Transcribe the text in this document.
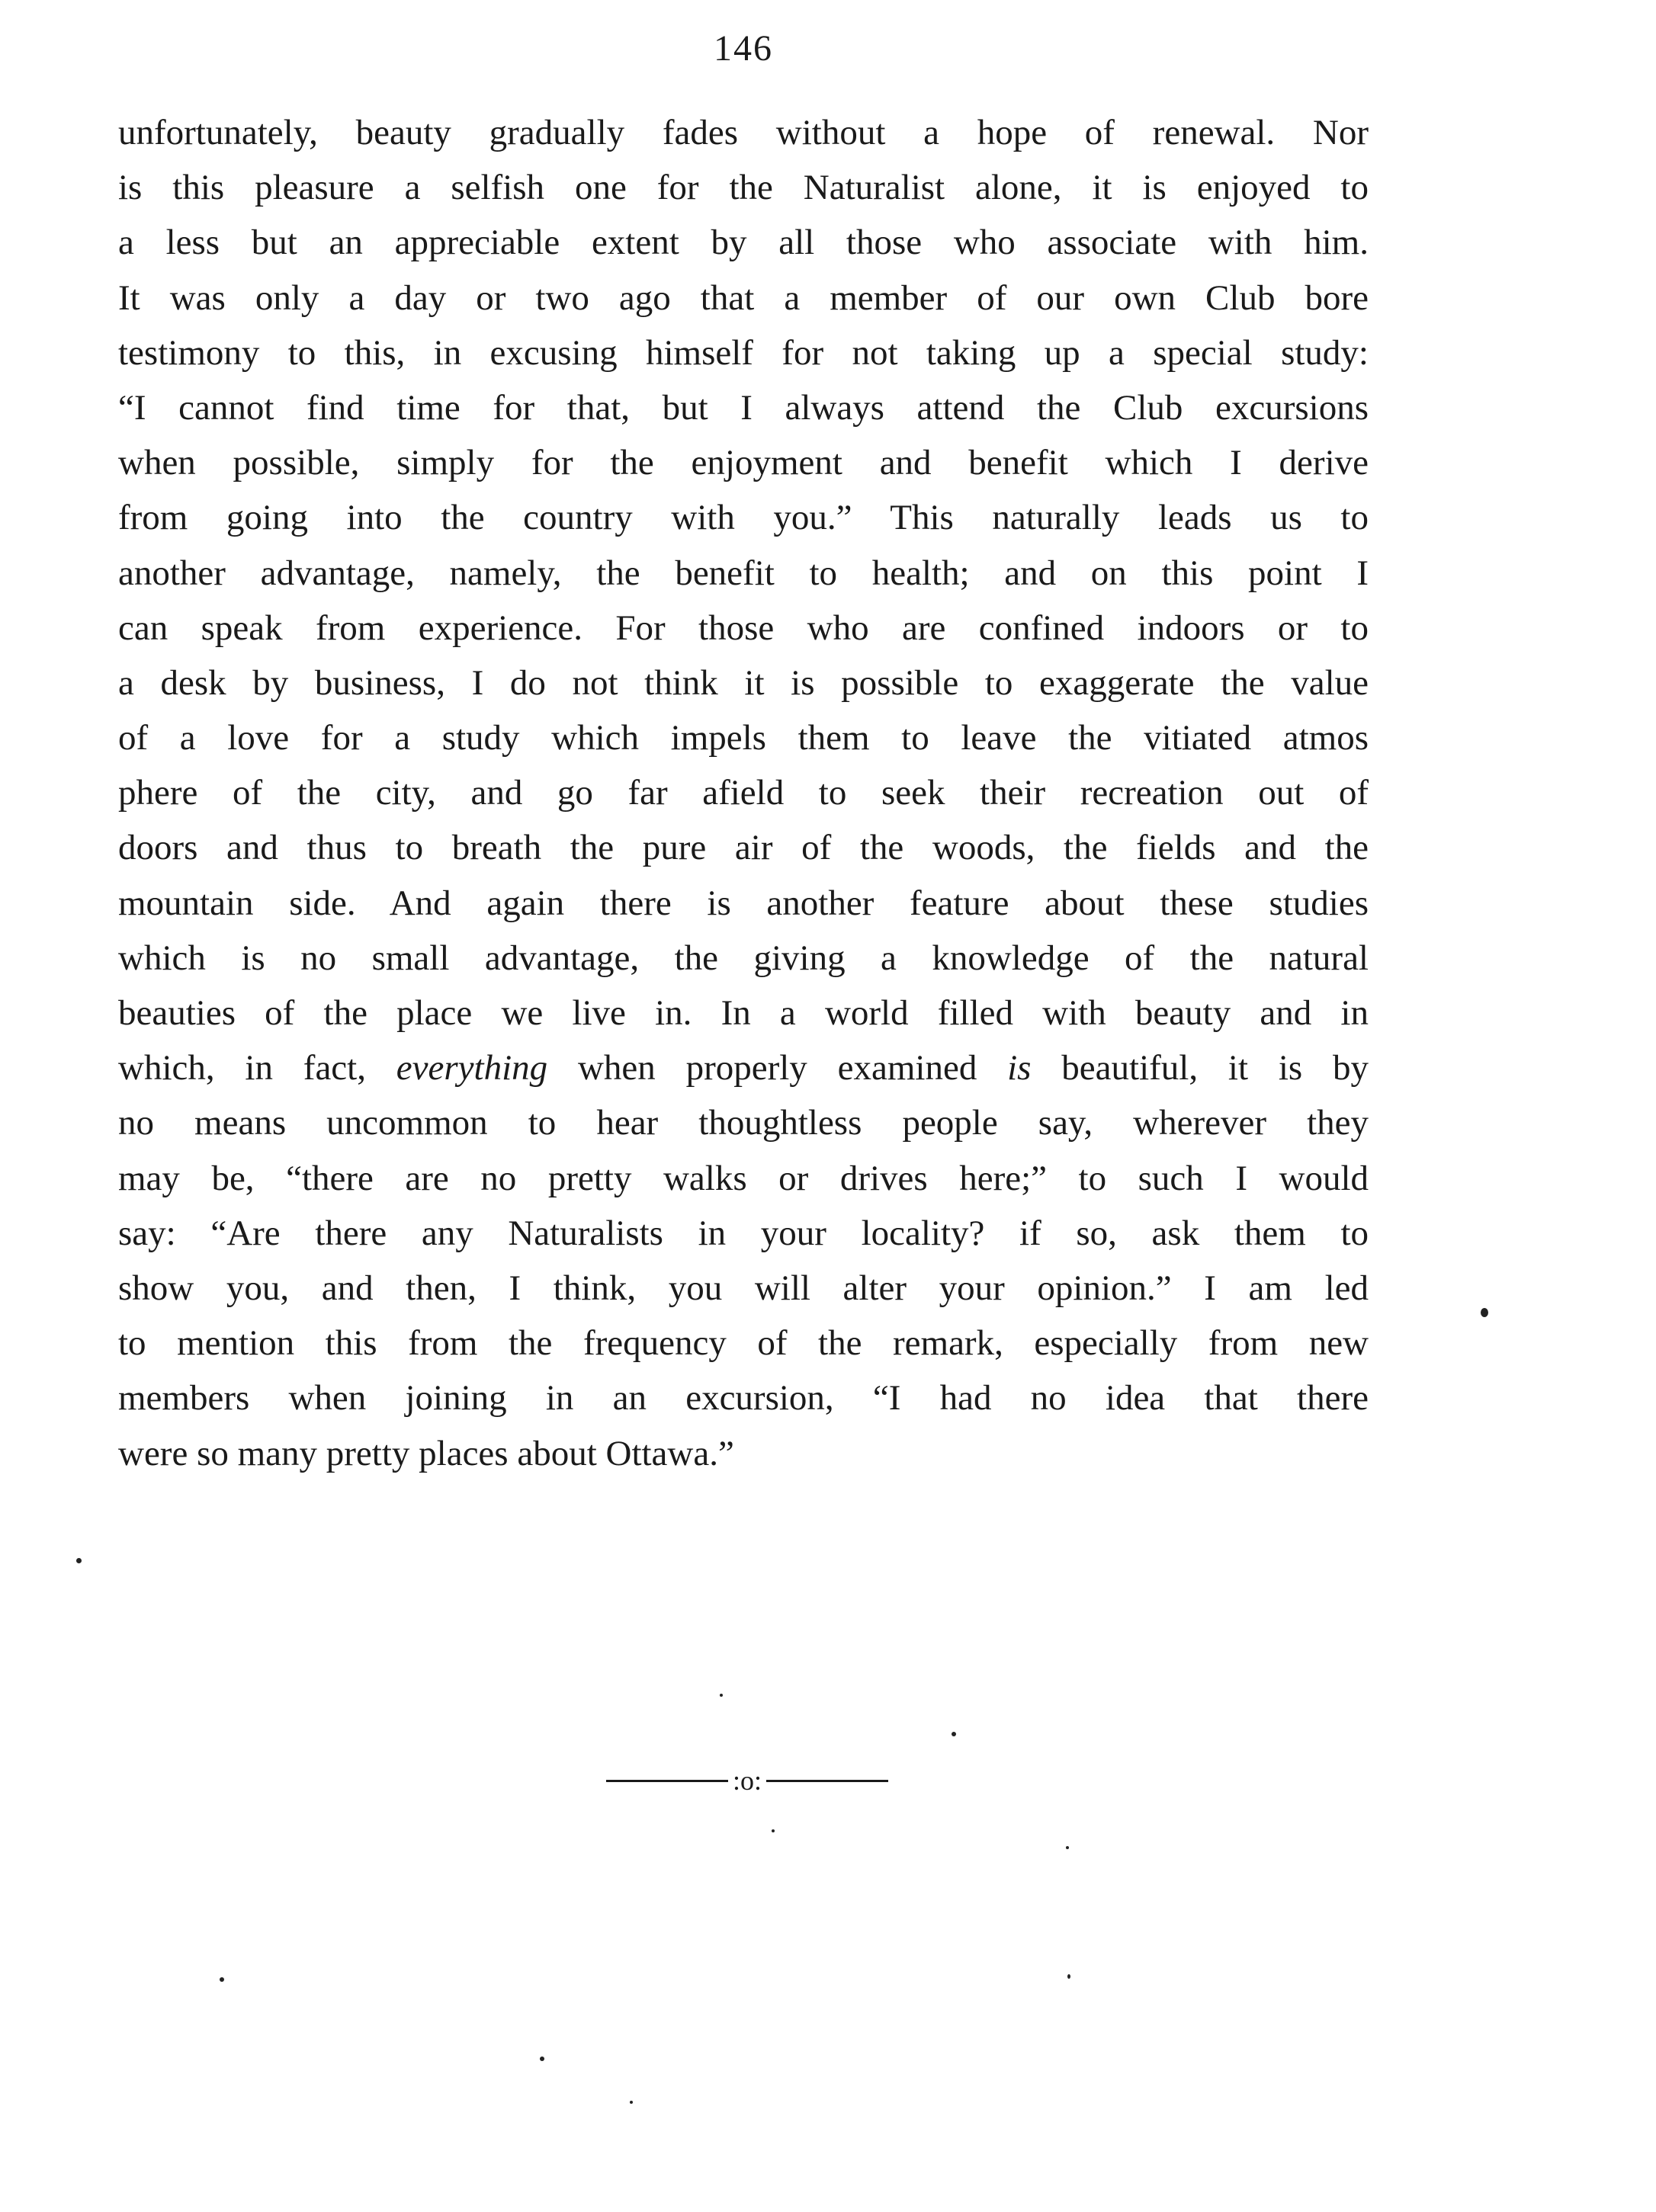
146
unfortunately, beauty gradually fades without a hope of renewal. Nor
is this pleasure a selfish one for the Naturalist alone, it is enjoyed to
a less but an appreciable extent by all those who associate with him.
It was only a day or two ago that a member of our own Club bore
testimony to this, in excusing himself for not taking up a special study:
“I cannot find time for that, but I always attend the Club excursions
when possible, simply for the enjoyment and benefit which I derive
from going into the country with you.” This naturally leads us to
another advantage, namely, the benefit to health; and on this point I
can speak from experience. For those who are confined indoors or to
a desk by business, I do not think it is possible to exaggerate the value
of a love for a study which impels them to leave the vitiated atmos
phere of the city, and go far afield to seek their recreation out of
doors and thus to breath the pure air of the woods, the fields and the
mountain side. And again there is another feature about these studies
which is no small advantage, the giving a knowledge of the natural
beauties of the place we live in. In a world filled with beauty and in
which, in fact, everything when properly examined is beautiful, it is by
no means uncommon to hear thoughtless people say, wherever they
may be, “there are no pretty walks or drives here;” to such I would
say: “Are there any Naturalists in your locality? if so, ask them to
show you, and then, I think, you will alter your opinion.” I am led
to mention this from the frequency of the remark, especially from new
members when joining in an excursion, “I had no idea that there
were so many pretty places about Ottawa.”
:o:
